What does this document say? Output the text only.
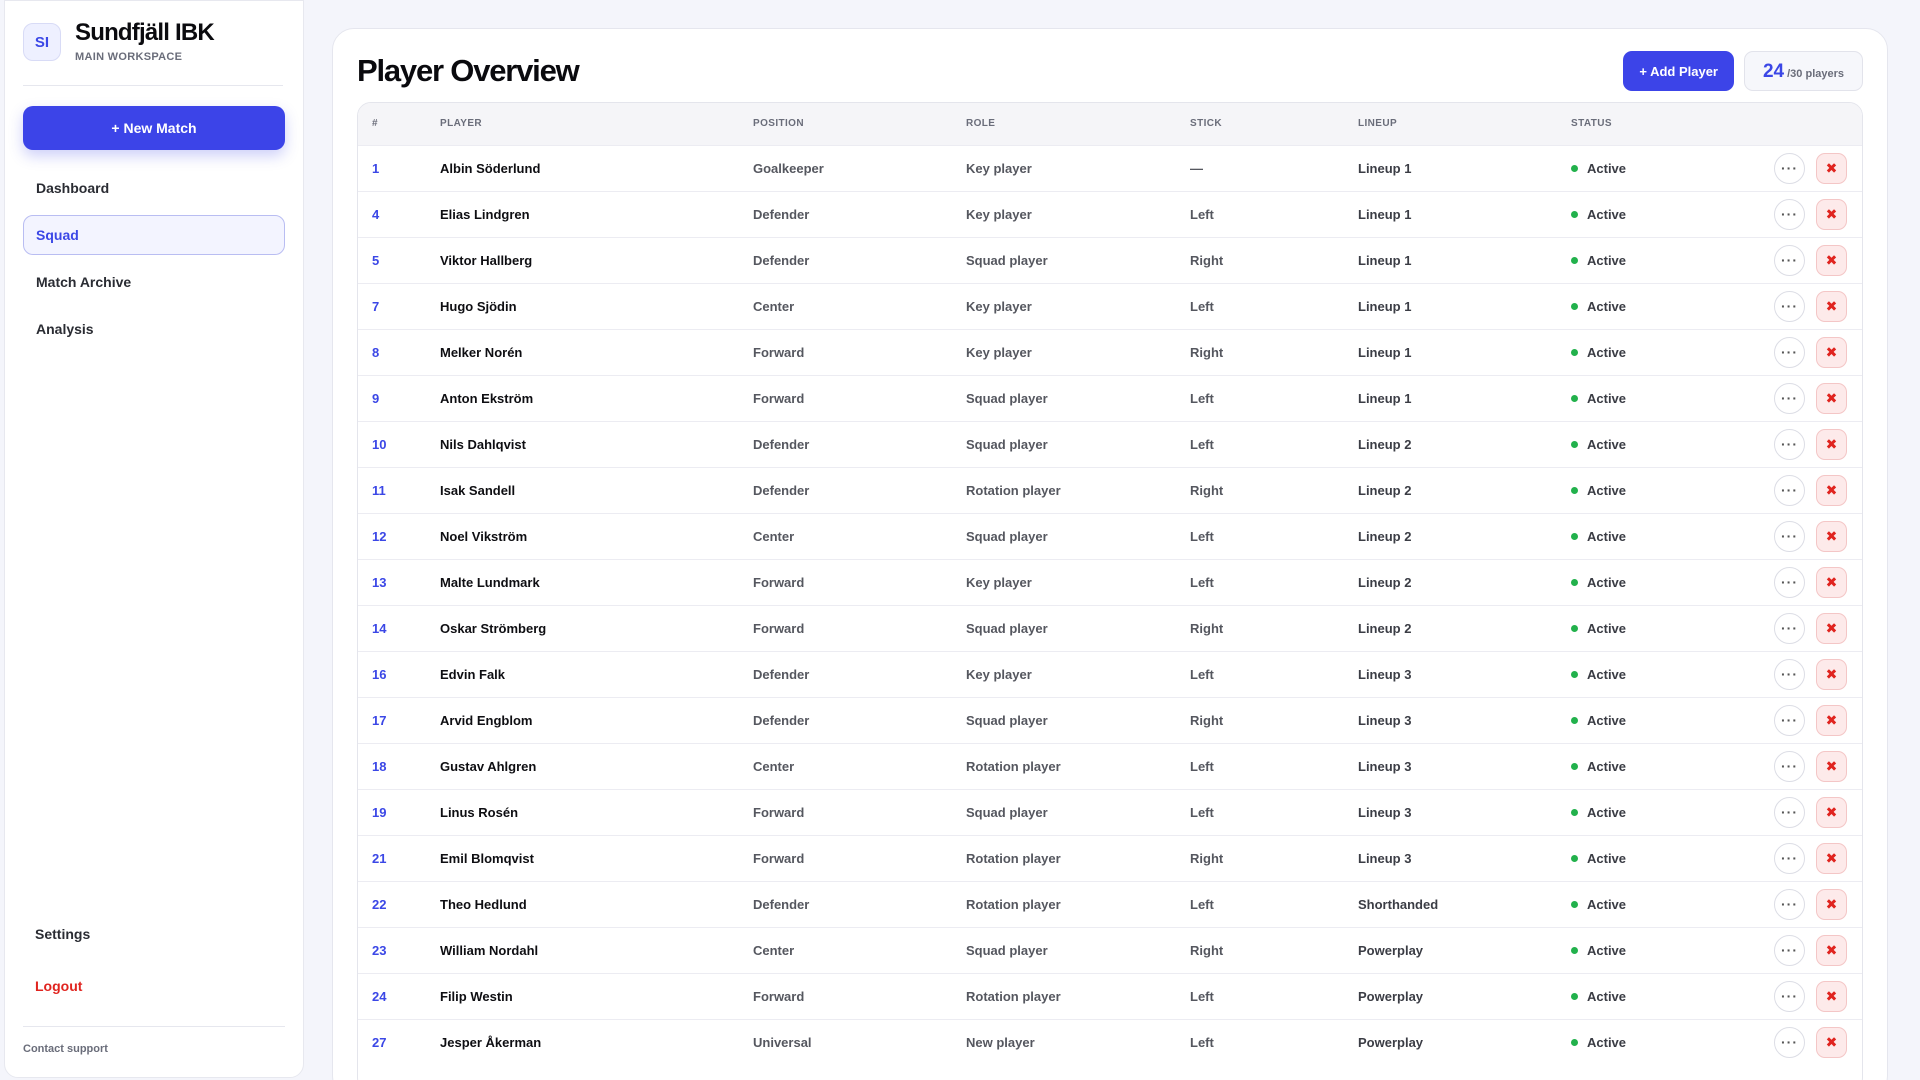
SI	Sundfjäll IBK
MAIN WORKSPACE
+ New Match
Dashboard
Squad
Match Archive
Analysis
Settings
Logout
Contact support
Player Overview	+ Add Player	24 /30 players
#	PLAYER	POSITION	ROLE	STICK	LINEUP	STATUS	
1	Albin Söderlund	Goalkeeper	Key player	—	Lineup 1	Active	··· ✖
4	Elias Lindgren	Defender	Key player	Left	Lineup 1	Active	··· ✖
5	Viktor Hallberg	Defender	Squad player	Right	Lineup 1	Active	··· ✖
7	Hugo Sjödin	Center	Key player	Left	Lineup 1	Active	··· ✖
8	Melker Norén	Forward	Key player	Right	Lineup 1	Active	··· ✖
9	Anton Ekström	Forward	Squad player	Left	Lineup 1	Active	··· ✖
10	Nils Dahlqvist	Defender	Squad player	Left	Lineup 2	Active	··· ✖
11	Isak Sandell	Defender	Rotation player	Right	Lineup 2	Active	··· ✖
12	Noel Vikström	Center	Squad player	Left	Lineup 2	Active	··· ✖
13	Malte Lundmark	Forward	Key player	Left	Lineup 2	Active	··· ✖
14	Oskar Strömberg	Forward	Squad player	Right	Lineup 2	Active	··· ✖
16	Edvin Falk	Defender	Key player	Left	Lineup 3	Active	··· ✖
17	Arvid Engblom	Defender	Squad player	Right	Lineup 3	Active	··· ✖
18	Gustav Ahlgren	Center	Rotation player	Left	Lineup 3	Active	··· ✖
19	Linus Rosén	Forward	Squad player	Left	Lineup 3	Active	··· ✖
21	Emil Blomqvist	Forward	Rotation player	Right	Lineup 3	Active	··· ✖
22	Theo Hedlund	Defender	Rotation player	Left	Shorthanded	Active	··· ✖
23	William Nordahl	Center	Squad player	Right	Powerplay	Active	··· ✖
24	Filip Westin	Forward	Rotation player	Left	Powerplay	Active	··· ✖
27	Jesper Åkerman	Universal	New player	Left	Powerplay	Active	··· ✖
